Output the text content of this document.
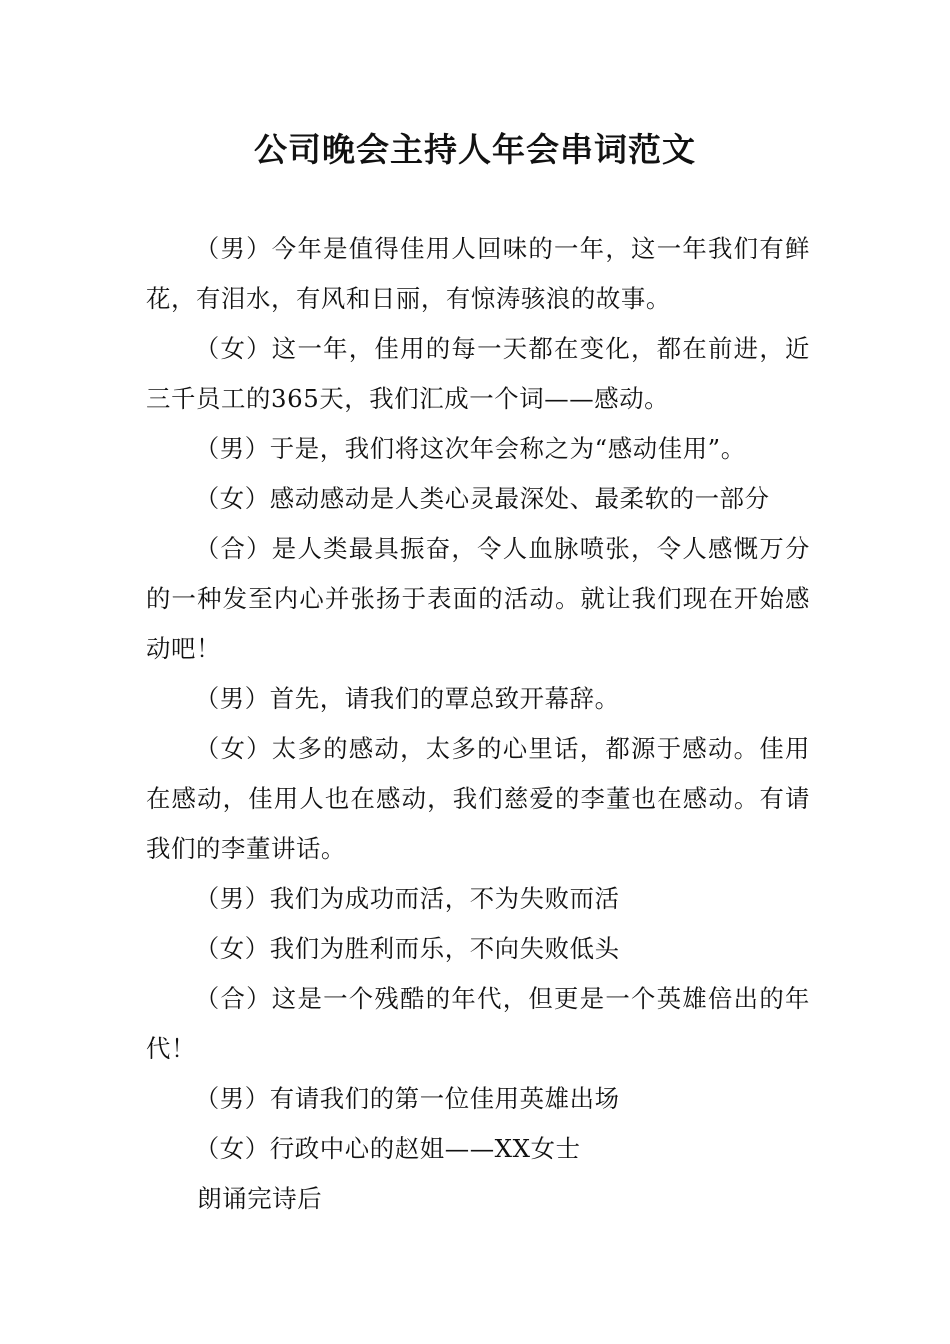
公司晚会主持人年会串词范文

（男）今年是值得佳用人回味的一年，这一年我们有鲜花，有泪水，有风和日丽，有惊涛骇浪的故事。

（女）这一年，佳用的每一天都在变化，都在前进，近三千员工的365天，我们汇成一个词——感动。

（男）于是，我们将这次年会称之为“感动佳用”。

（女）感动感动是人类心灵最深处、最柔软的一部分

（合）是人类最具振奋，令人血脉喷张，令人感慨万分的一种发至内心并张扬于表面的活动。就让我们现在开始感动吧！

（男）首先，请我们的覃总致开幕辞。

（女）太多的感动，太多的心里话，都源于感动。佳用在感动，佳用人也在感动，我们慈爱的李董也在感动。有请我们的李董讲话。

（男）我们为成功而活，不为失败而活

（女）我们为胜利而乐，不向失败低头

（合）这是一个残酷的年代，但更是一个英雄倍出的年代！

（男）有请我们的第一位佳用英雄出场

（女）行政中心的赵姐——XX女士

朗诵完诗后
